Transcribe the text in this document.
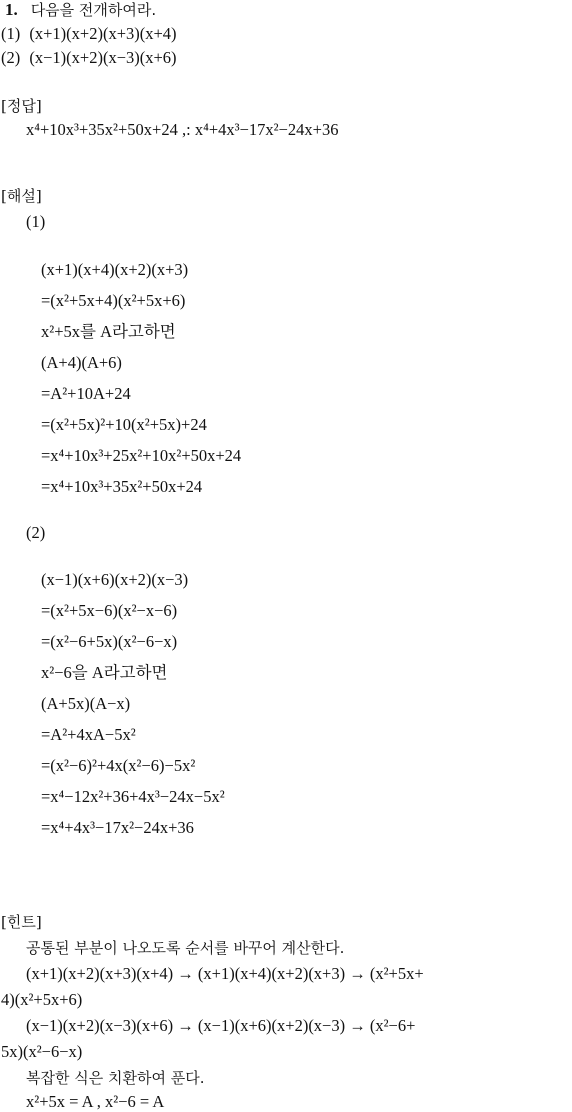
1. 다음을 전개하여라.
(1) (x+1)(x+2)(x+3)(x+4)
(2) (x−1)(x+2)(x−3)(x+6)
[정답]
x⁴+10x³+35x²+50x+24 ,: x⁴+4x³−17x²−24x+36
[해설]
(1)
(x+1)(x+4)(x+2)(x+3)
=(x²+5x+4)(x²+5x+6)
x²+5x를 A라고하면
(A+4)(A+6)
=A²+10A+24
=(x²+5x)²+10(x²+5x)+24
=x⁴+10x³+25x²+10x²+50x+24
=x⁴+10x³+35x²+50x+24
(2)
(x−1)(x+6)(x+2)(x−3)
=(x²+5x−6)(x²−x−6)
=(x²−6+5x)(x²−6−x)
x²−6을 A라고하면
(A+5x)(A−x)
=A²+4xA−5x²
=(x²−6)²+4x(x²−6)−5x²
=x⁴−12x²+36+4x³−24x−5x²
=x⁴+4x³−17x²−24x+36
[힌트]
공통된 부분이 나오도록 순서를 바꾸어 계산한다.
(x+1)(x+2)(x+3)(x+4) → (x+1)(x+4)(x+2)(x+3) → (x²+5x+
4)(x²+5x+6)
(x−1)(x+2)(x−3)(x+6) → (x−1)(x+6)(x+2)(x−3) → (x²−6+
5x)(x²−6−x)
복잡한 식은 치환하여 푼다.
x²+5x = A , x²−6 = A
